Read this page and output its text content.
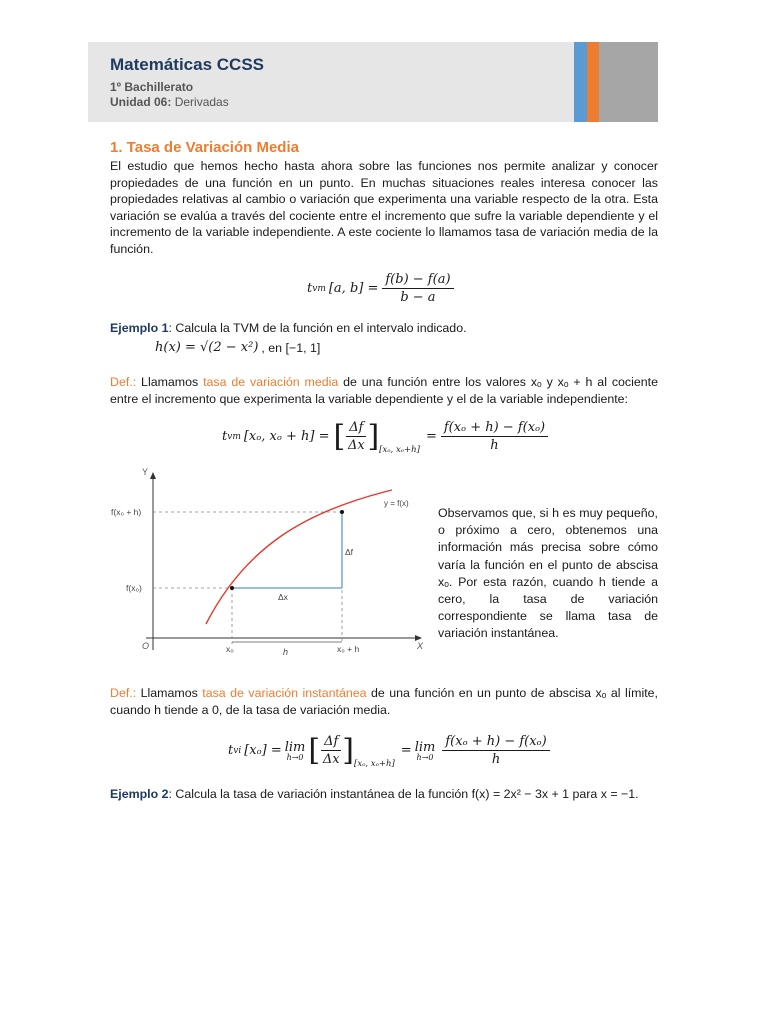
Matemáticas CCSS
1º Bachillerato
Unidad 06: Derivadas
1. Tasa de Variación Media
El estudio que hemos hecho hasta ahora sobre las funciones nos permite analizar y conocer propiedades de una función en un punto. En muchas situaciones reales interesa conocer las propiedades relativas al cambio o variación que experimenta una variable respecto de la otra. Esta variación se evalúa a través del cociente entre el incremento que sufre la variable dependiente y el incremento de la variable independiente. A este cociente lo llamamos tasa de variación media de la función.
t vm [a, $b] = \frac{f(b) - f(a)}{b - a}$
Ejemplo 1: Calcula la TVM de la función en el intervalo indicado.
h(x) = √(2 − x²) , en [−1, 1]
Def.: Llamamos tasa de variación media de una función entre los valores xₒ y xₒ + h al cociente entre el incremento que experimenta la variable dependiente y el de la variable independiente:
t vm [xₒ, xₒ + h] = [ $\frac{\Delta f}{\Delta x}$ ] [xₒ, xₒ+h]
= $\frac{\text{f(xₒ + h) − f(xₒ)}}{h}$
Y
X
O
f(x₀ + h)
f(x₀)
x₀	x₀ + h
h
Δx
Δf
y = f(x)
Observamos que, si h es muy pequeño, o próximo a cero, obtenemos una información más precisa sobre cómo varía la función en el punto de abscisa xₒ. Por esta razón, cuando h tiende a cero, la tasa de variación correspondiente se llama tasa de variación instantánea.
Def.: Llamamos tasa de variación instantánea de una función en un punto de abscisa xₒ al límite, cuando h tiende a 0, de la tasa de variación media.
t vi [xₒ] = lim
h→0 [ $\frac{\Delta f}{\Delta x}$ ] [xₒ, xₒ+h]
= lim
$h\to 0 \frac{\text{f(xₒ + h) − f(xₒ)}}{h}$
Ejemplo 2: Calcula la tasa de variación instantánea de la función f(x) = 2x² − 3x + 1 para x = −1.
